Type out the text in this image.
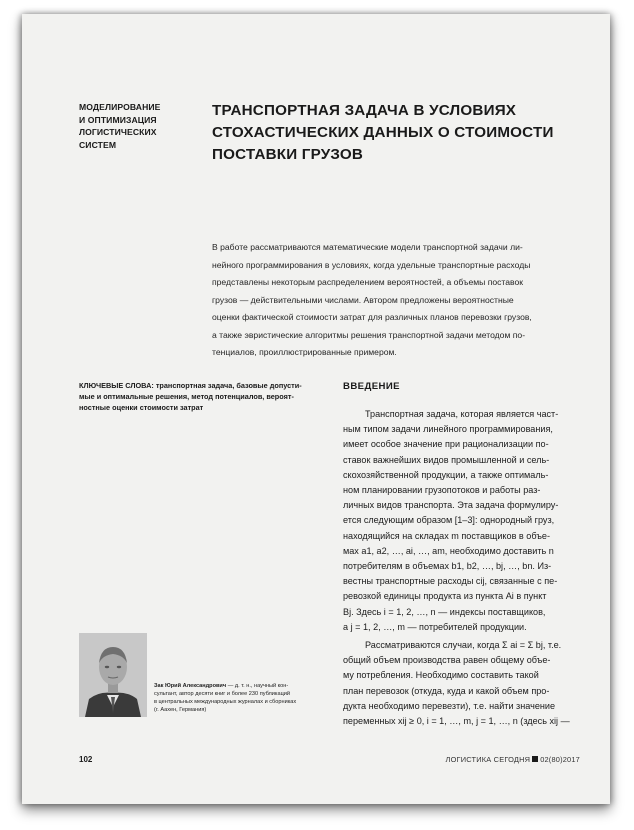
МОДЕЛИРОВАНИЕ
И ОПТИМИЗАЦИЯ
ЛОГИСТИЧЕСКИХ
СИСТЕМ
ТРАНСПОРТНАЯ ЗАДАЧА В УСЛОВИЯХ
СТОХАСТИЧЕСКИХ ДАННЫХ О СТОИМОСТИ
ПОСТАВКИ ГРУЗОВ
В работе рассматриваются математические модели транспортной задачи ли-
нейного программирования в условиях, когда удельные транспортные расходы
представлены некоторым распределением вероятностей, а объемы поставок
грузов — действительными числами. Автором предложены вероятностные
оценки фактической стоимости затрат для различных планов перевозки грузов,
а также эвристические алгоритмы решения транспортной задачи методом по-
тенциалов, проиллюстрированные примером.
КЛЮЧЕВЫЕ СЛОВА: транспортная задача, базовые допусти-
мые и оптимальные решения, метод потенциалов, вероят-
ностные оценки стоимости затрат
ВВЕДЕНИЕ
Транспортная задача, которая является част-
ным типом задачи линейного программирования,
имеет особое значение при рационализации по-
ставок важнейших видов промышленной и сель-
скохозяйственной продукции, а также оптималь-
ном планировании грузопотоков и работы раз-
личных видов транспорта. Эта задача формулиру-
ется следующим образом [1–3]: однородный груз,
находящийся на складах m поставщиков в объе-
мах a1, a2, …, ai, …, am, необходимо доставить n
потребителям в объемах b1, b2, …, bj, …, bn. Из-
вестны транспортные расходы cij, связанные с пе-
ревозкой единицы продукта из пункта Ai в пункт
Bj. Здесь i = 1, 2, …, n — индексы поставщиков,
а j = 1, 2, …, m — потребителей продукции.
Рассматриваются случаи, когда Σ ai = Σ bj, т.е.
общий объем производства равен общему объе-
му потребления. Необходимо составить такой
план перевозок (откуда, куда и какой объем про-
дукта необходимо перевезти), т.е. найти значение
переменных xij ≥ 0, i = 1, …, m, j = 1, …, n (здесь xij —
Зак Юрий Александрович — д. т. н., научный кон-
сультант, автор десяти книг и более 230 публикаций
в центральных международных журналах и сборниках
(г. Аахен, Германия)
102	ЛОГИСТИКА СЕГОДНЯ 02(80)2017
